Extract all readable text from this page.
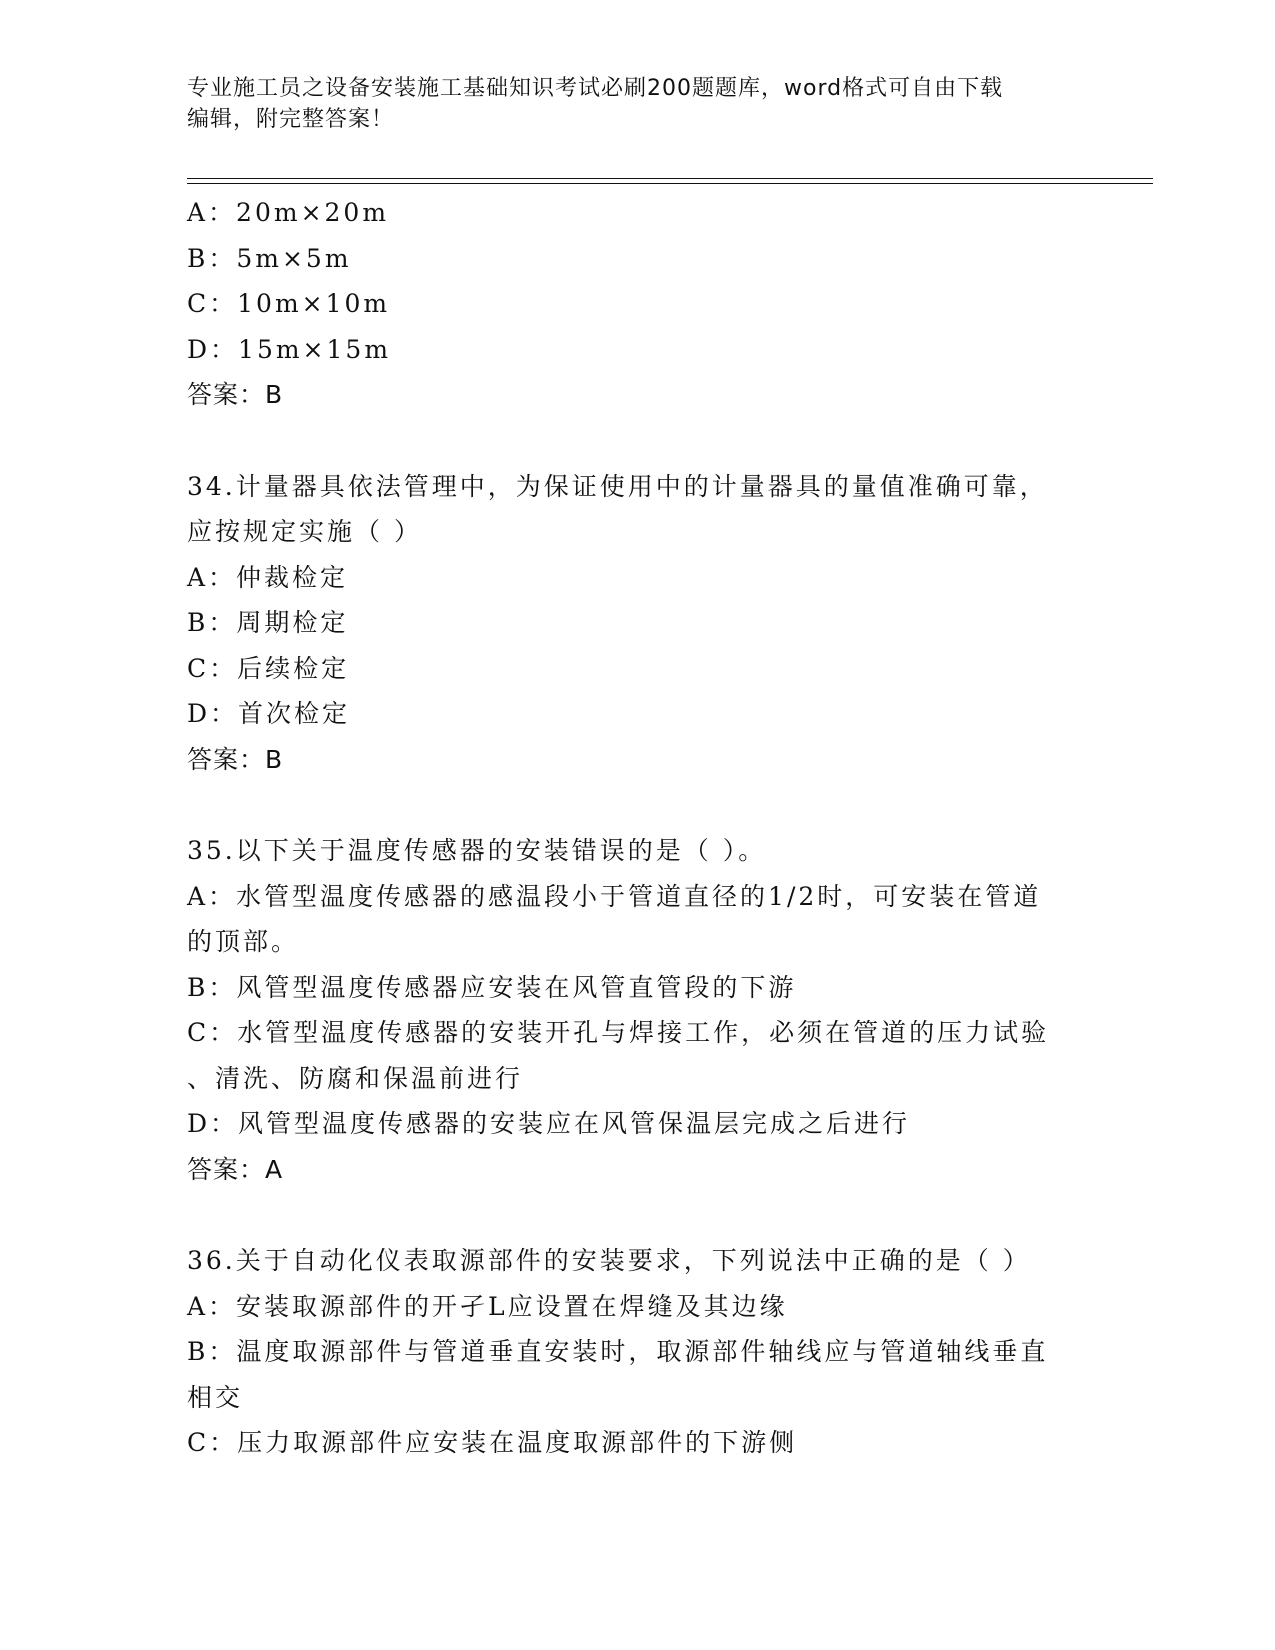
专业施工员之设备安装施工基础知识考试必刷200题题库，word格式可自由下载
编辑，附完整答案！
A：20m×20m
B：5m×5m
C：10m×10m
D：15m×15m
答案：B
34.计量器具依法管理中，为保证使用中的计量器具的量值准确可靠，
应按规定实施（ ）
A：仲裁检定
B：周期检定
C：后续检定
D：首次检定
答案：B
35.以下关于温度传感器的安装错误的是（ ）。
A：水管型温度传感器的感温段小于管道直径的1/2时，可安装在管道
的顶部。
B：风管型温度传感器应安装在风管直管段的下游
C：水管型温度传感器的安装开孔与焊接工作，必须在管道的压力试验
、清洗、防腐和保温前进行
D：风管型温度传感器的安装应在风管保温层完成之后进行
答案：A
36.关于自动化仪表取源部件的安装要求，下列说法中正确的是（ ）
A：安装取源部件的开孑L应设置在焊缝及其边缘
B：温度取源部件与管道垂直安装时，取源部件轴线应与管道轴线垂直
相交
C：压力取源部件应安装在温度取源部件的下游侧
